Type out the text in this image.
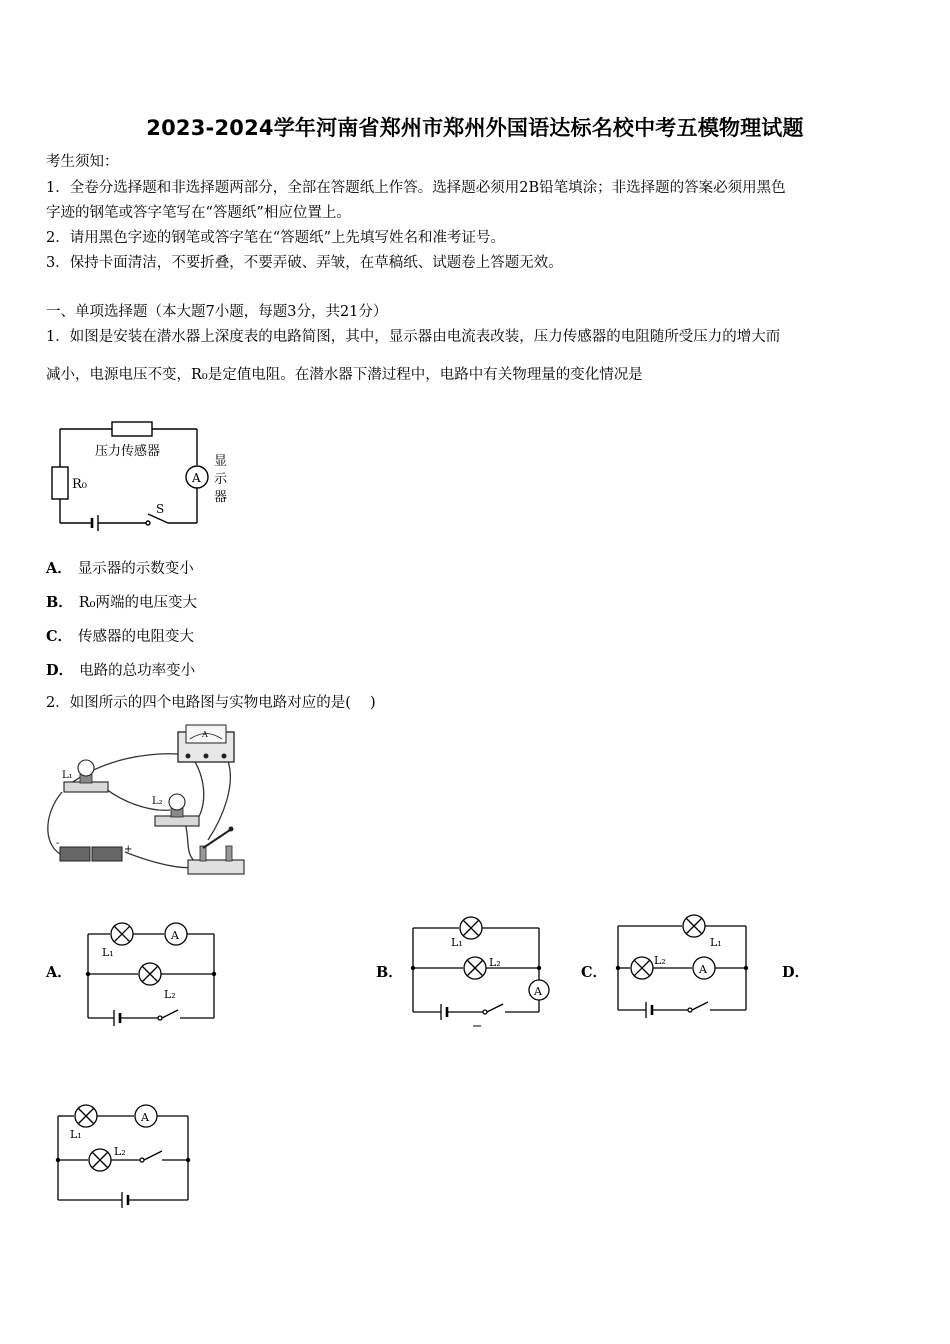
2023-2024学年河南省郑州市郑州外国语达标名校中考五模物理试题
考生须知：
1．全卷分选择题和非选择题两部分，全部在答题纸上作答。选择题必须用2B铅笔填涂；非选择题的答案必须用黑色
字迹的钢笔或答字笔写在“答题纸”相应位置上。
2．请用黑色字迹的钢笔或答字笔在“答题纸”上先填写姓名和准考证号。
3．保持卡面清洁，不要折叠，不要弄破、弄皱，在草稿纸、试题卷上答题无效。
一、单项选择题（本大题7小题，每题3分，共21分）
1．如图是安装在潜水器上深度表的电路简图，其中，显示器由电流表改装，压力传感器的电阻随所受压力的增大而
减小，电源电压不变，R₀是定值电阻。在潜水器下潜过程中，电路中有关物理量的变化情况是
压力传感器
R₀	A
显
示
器
S
A． 显示器的示数变小
B． R₀两端的电压变大
C． 传感器的电阻变大
D． 电路的总功率变小
2．如图所示的四个电路图与实物电路对应的是(　 )
A
L₁
L₂
-
+
A．	B．	C．	D．
A
L₁
L₂	A
L₁
L₂
A
L₁
L₂
A
L₁
L₂
